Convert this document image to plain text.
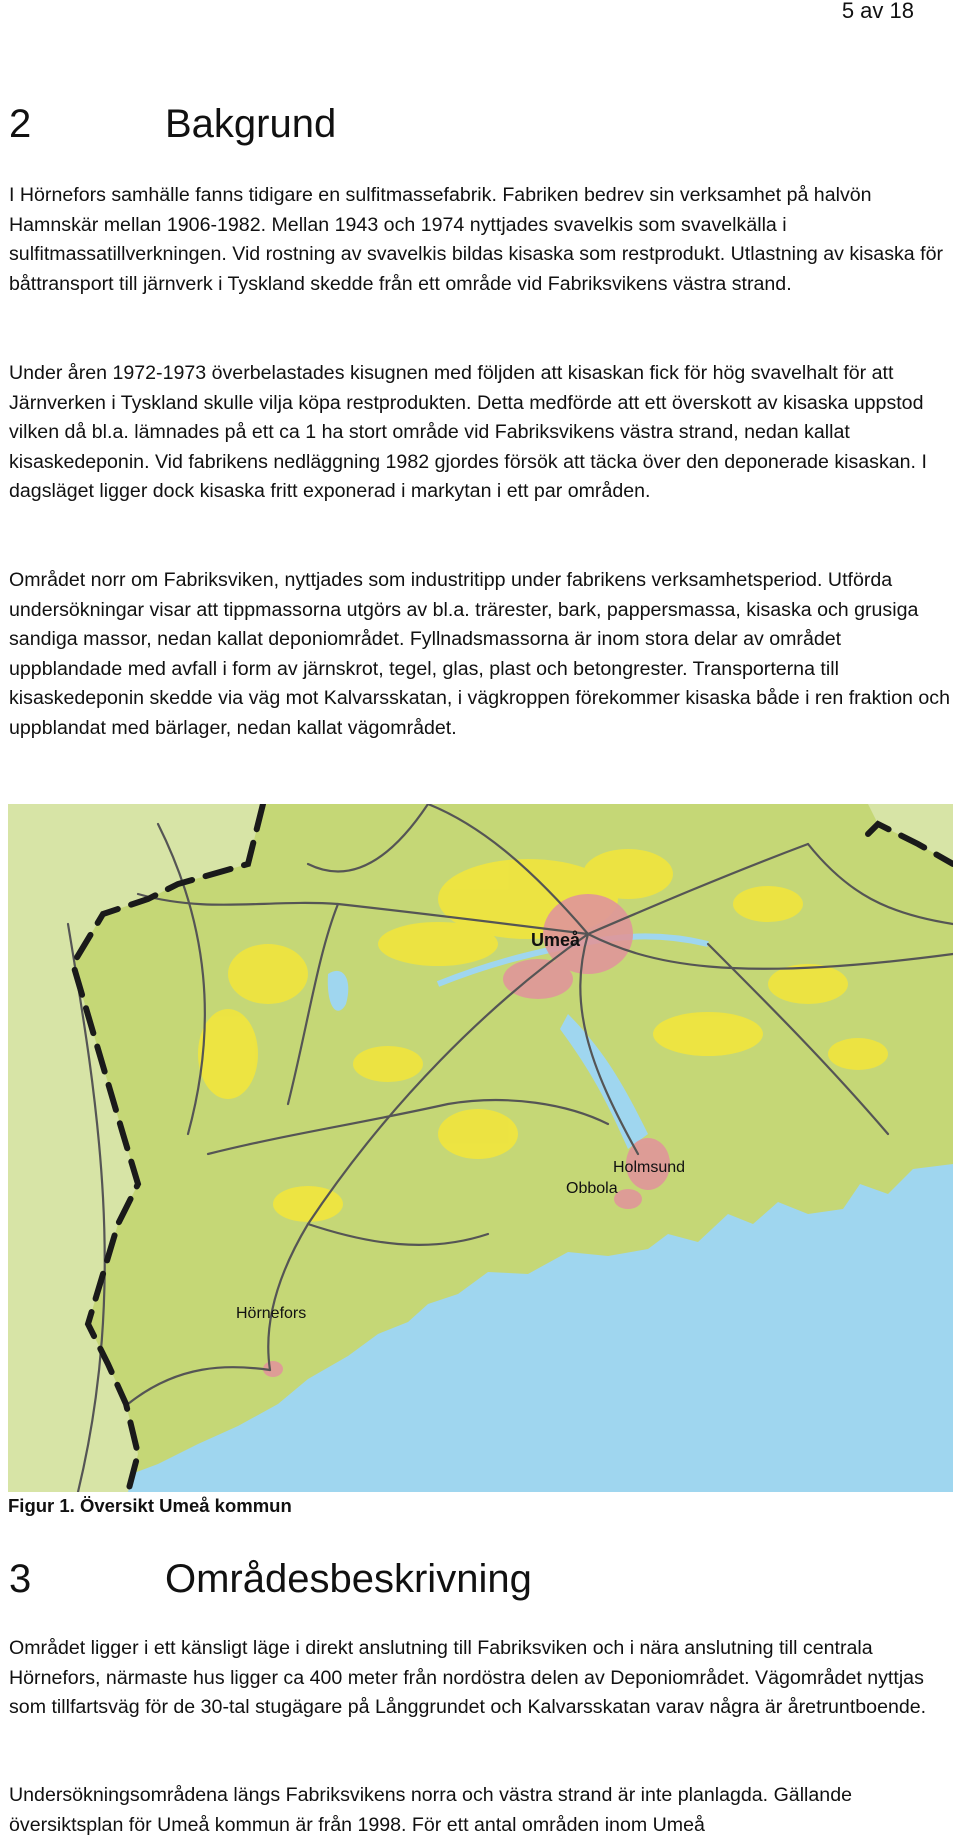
5 av 18
2	Bakgrund

I Hörnefors samhälle fanns tidigare en sulfitmassefabrik. Fabriken bedrev sin verksamhet på halvön Hamnskär mellan 1906-1982. Mellan 1943 och 1974 nyttjades svavelkis som svavelkälla i sulfitmassatillverkningen. Vid rostning av svavelkis bildas kisaska som restprodukt. Utlastning av kisaska för båttransport till järnverk i Tyskland skedde från ett område vid Fabriksvikens västra strand.

Under åren 1972-1973 överbelastades kisugnen med följden att kisaskan fick för hög svavelhalt för att Järnverken i Tyskland skulle vilja köpa restprodukten. Detta medförde att ett överskott av kisaska uppstod vilken då bl.a. lämnades på ett ca 1 ha stort område vid Fabriksvikens västra strand, nedan kallat kisaskedeponin. Vid fabrikens nedläggning 1982 gjordes försök att täcka över den deponerade kisaskan. I dagsläget ligger dock kisaska fritt exponerad i markytan i ett par områden.

Området norr om Fabriksviken, nyttjades som industritipp under fabrikens verksamhetsperiod. Utförda undersökningar visar att tippmassorna utgörs av bl.a. trärester, bark, pappersmassa, kisaska och grusiga sandiga massor, nedan kallat deponiområdet. Fyllnadsmassorna är inom stora delar av området uppblandade med avfall i form av järnskrot, tegel, glas, plast och betongrester. Transporterna till kisaskedeponin skedde via väg mot Kalvarsskatan, i vägkroppen förekommer kisaska både i ren fraktion och uppblandat med bärlager, nedan kallat vägområdet.

Umeå
Holmsund
Obbola
Hörnefors
Figur 1. Översikt Umeå kommun
3	Områdesbeskrivning

Området ligger i ett känsligt läge i direkt anslutning till Fabriksviken och i nära anslutning till centrala Hörnefors, närmaste hus ligger ca 400 meter från nordöstra delen av Deponiområdet. Vägområdet nyttjas som tillfartsväg för de 30-tal stugägare på Långgrundet och Kalvarsskatan varav några är åretruntboende.

Undersökningsområdena längs Fabriksvikens norra och västra strand är inte planlagda. Gällande översiktsplan för Umeå kommun är från 1998. För ett antal områden inom Umeå
